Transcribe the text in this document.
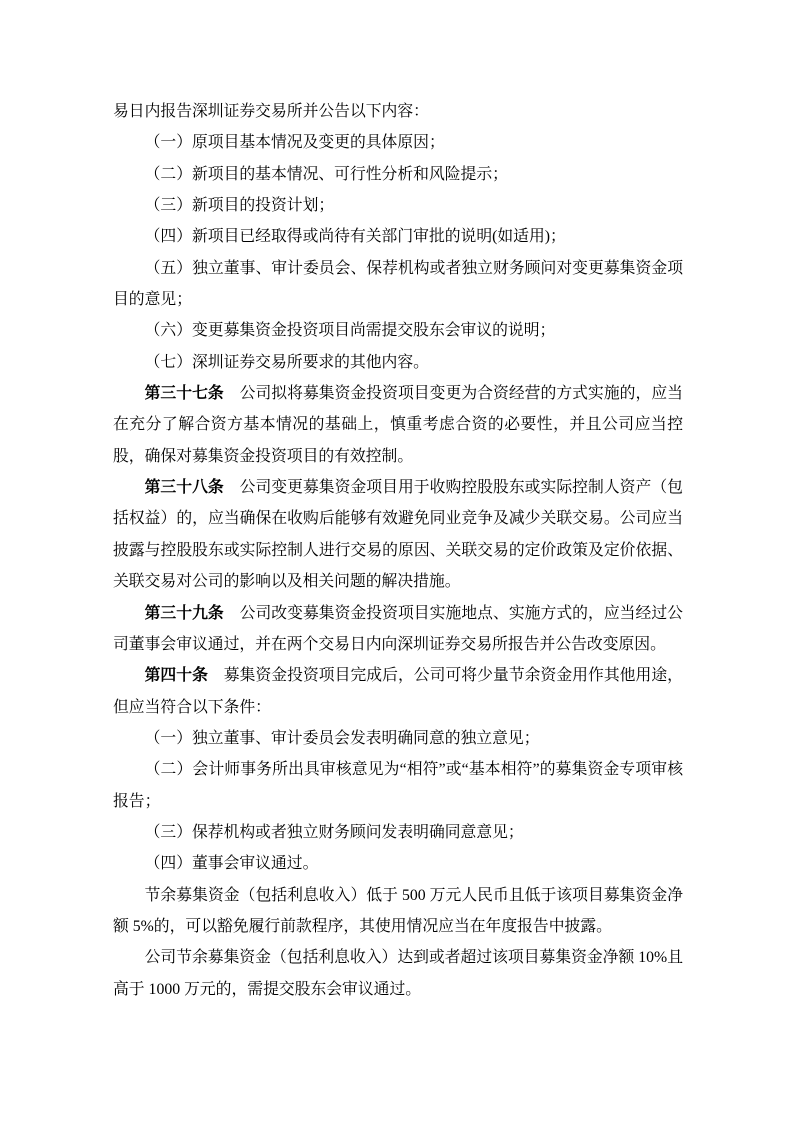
易日内报告深圳证券交易所并公告以下内容：

（一）原项目基本情况及变更的具体原因；

（二）新项目的基本情况、可行性分析和风险提示；

（三）新项目的投资计划；

（四）新项目已经取得或尚待有关部门审批的说明(如适用)；

（五）独立董事、审计委员会、保荐机构或者独立财务顾问对变更募集资金项目的意见；

（六）变更募集资金投资项目尚需提交股东会审议的说明；

（七）深圳证券交易所要求的其他内容。

第三十七条　公司拟将募集资金投资项目变更为合资经营的方式实施的，应当在充分了解合资方基本情况的基础上，慎重考虑合资的必要性，并且公司应当控股，确保对募集资金投资项目的有效控制。

第三十八条　公司变更募集资金项目用于收购控股股东或实际控制人资产（包括权益）的，应当确保在收购后能够有效避免同业竞争及减少关联交易。公司应当披露与控股股东或实际控制人进行交易的原因、关联交易的定价政策及定价依据、关联交易对公司的影响以及相关问题的解决措施。

第三十九条　公司改变募集资金投资项目实施地点、实施方式的，应当经过公司董事会审议通过，并在两个交易日内向深圳证券交易所报告并公告改变原因。

第四十条　募集资金投资项目完成后，公司可将少量节余资金用作其他用途，但应当符合以下条件：

（一）独立董事、审计委员会发表明确同意的独立意见；

（二）会计师事务所出具审核意见为“相符”或“基本相符”的募集资金专项审核报告；

（三）保荐机构或者独立财务顾问发表明确同意意见；

（四）董事会审议通过。

节余募集资金（包括利息收入）低于 500 万元人民币且低于该项目募集资金净额 5%的，可以豁免履行前款程序，其使用情况应当在年度报告中披露。

公司节余募集资金（包括利息收入）达到或者超过该项目募集资金净额 10%且高于 1000 万元的，需提交股东会审议通过。
